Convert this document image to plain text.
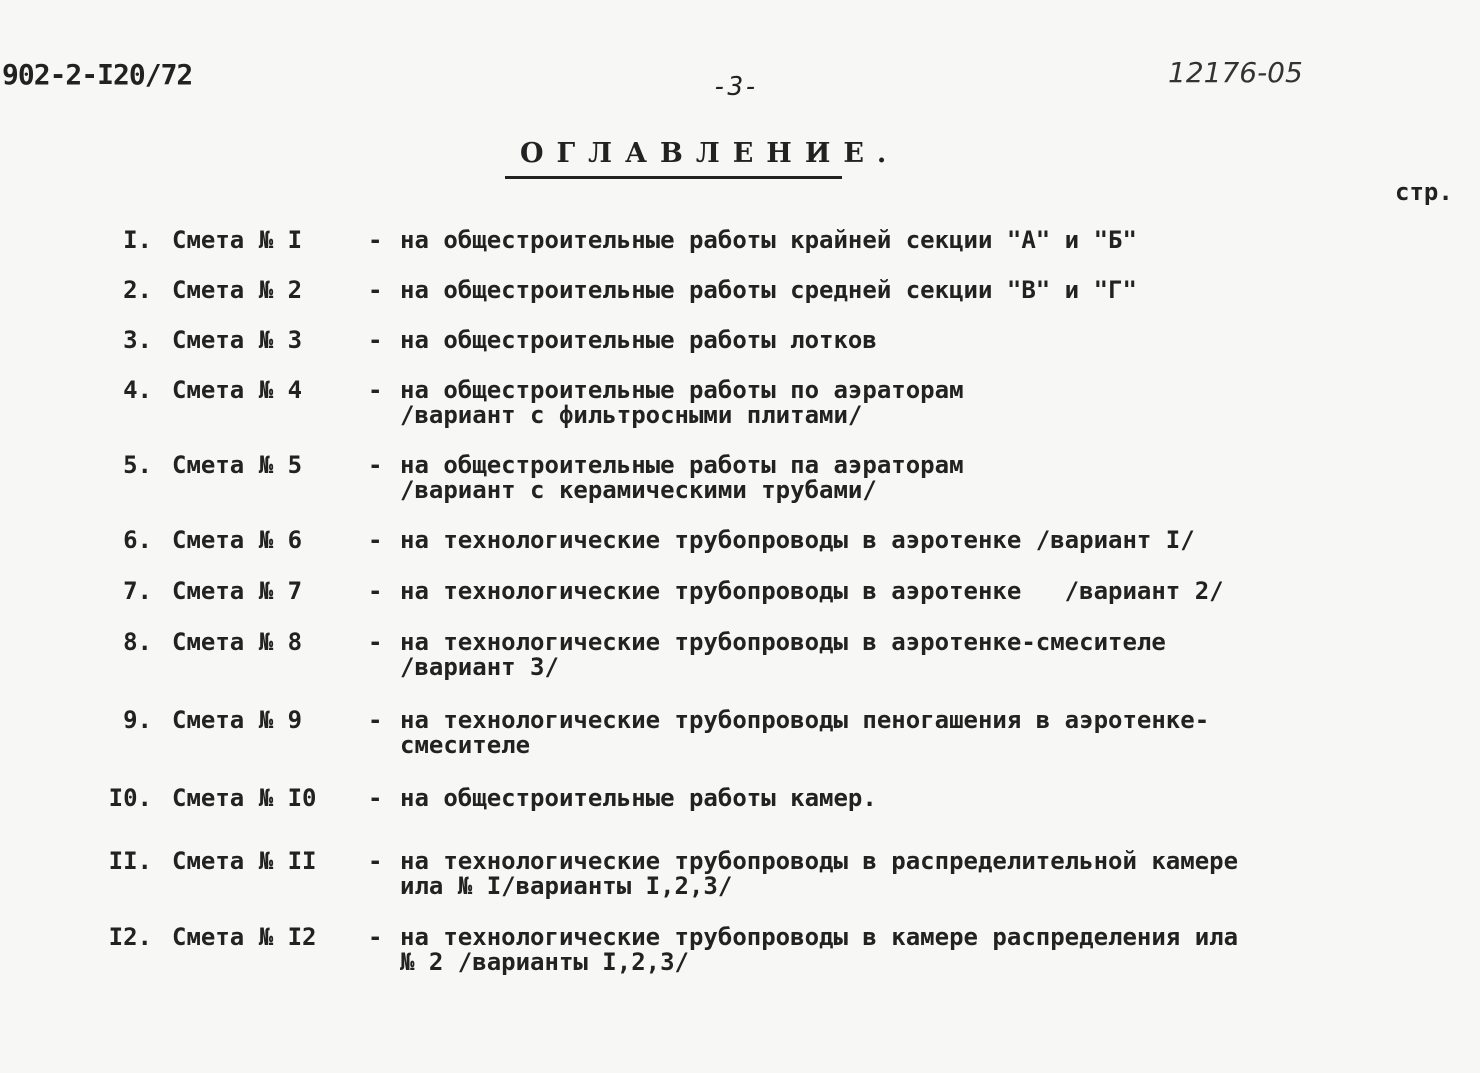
902-2-I20/72	-3-	12176-05
ОГЛАВЛЕНИЕ.
стр.
I. Смета № I	- на общестроительные работы крайней секции "А" и "Б"
2. Смета № 2	- на общестроительные работы средней секции "В" и "Г"
3. Смета № 3	- на общестроительные работы лотков
4. Смета № 4	- на общестроительные работы по аэраторам
/вариант с фильтросными плитами/
5. Смета № 5	- на общестроительные работы па аэраторам
/вариант с керамическими трубами/
6. Смета № 6	- на технологические трубопроводы в аэротенке /вариант I/
7. Смета № 7	- на технологические трубопроводы в аэротенке   /вариант 2/
8. Смета № 8	- на технологические трубопроводы в аэротенке-смесителе
/вариант 3/
9. Смета № 9	- на технологические трубопроводы пеногашения в аэротенке-
смесителе
I0. Смета № I0 - на общестроительные работы камер.
II. Смета № II - на технологические трубопроводы в распределительной камере
ила № I/варианты I,2,3/
I2. Смета № I2 - на технологические трубопроводы в камере распределения ила
№ 2 /варианты I,2,3/
